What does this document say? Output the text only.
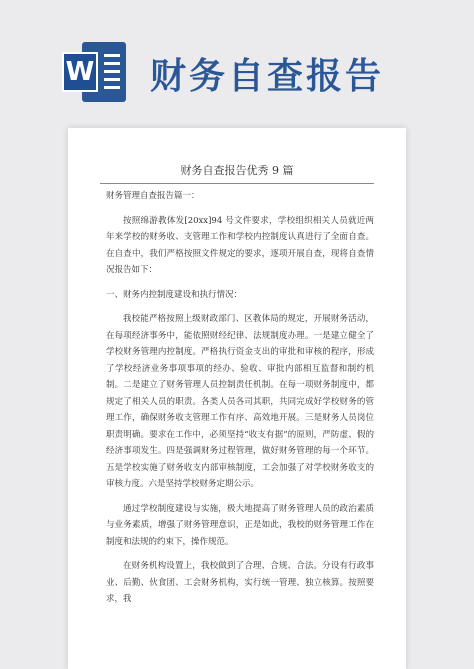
W 财务自查报告
财务自查报告优秀 9 篇

财务管理自查报告篇一：

按照绵游教体发[20xx]94 号文件要求，学校组织相关人员就近两年来学校的财务收、支管理工作和学校内控制度认真进行了全面自查。在自查中，我们严格按照文件规定的要求，逐项开展自查，现将自查情况报告如下：

一、财务内控制度建设和执行情况：

我校能严格按照上级财政部门、区教体局的规定，开展财务活动，在每项经济事务中，能依照财经纪律、法规制度办理。一是建立健全了学校财务管理内控制度。严格执行资金支出的审批和审核的程序，形成了学校经济业务事项事项的经办、验收、审批内部相互监督和制约机制。二是建立了财务管理人员控制责任机制。在每一项财务制度中，都规定了相关人员的职责。各类人员各司其职，共同完成好学校财务的管理工作，确保财务收支管理工作有序、高效地开展。三是财务人员岗位职责明确。要求在工作中，必须坚持“收支有据”的原则，严防虚、假的经济事项发生。四是强调财务过程管理，做好财务管理的每一个环节。五是学校实施了财务收支内部审核制度，工会加强了对学校财务收支的审核力度。六是坚持学校财务定期公示。

通过学校制度建设与实施，极大地提高了财务管理人员的政治素质与业务素质，增强了财务管理意识，正是如此，我校的财务管理工作在制度和法规的约束下，操作规范。

在财务机构设置上，我校做到了合理、合规、合法。分设有行政事业、后勤、伙食团、工会财务机构，实行统一管理、独立核算。按照要求，我
